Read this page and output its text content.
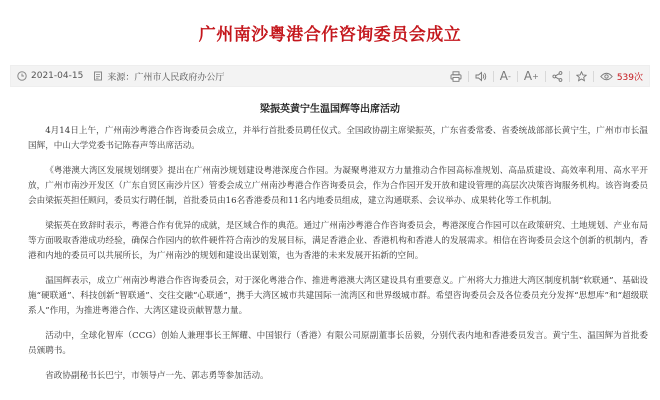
广州南沙粤港合作咨询委员会成立
2021-04-15	来源：广州市人民政府办公厅	A - A +	539次
梁振英黄宁生温国辉等出席活动

4月14日上午，广州南沙粤港合作咨询委员会成立，并举行首批委员聘任仪式。全国政协副主席梁振英，广东省委常委、省委统战部部长黄宁生，广州市市长温国辉，中山大学党委书记陈春声等出席活动。

《粤港澳大湾区发展规划纲要》提出在广州南沙规划建设粤港深度合作园。为凝聚粤港双方力量推动合作园高标准规划、高品质建设、高效率利用、高水平开放，广州市南沙开发区（广东自贸区南沙片区）管委会成立广州南沙粤港合作咨询委员会，作为合作园开发开放和建设管理的高层次决策咨询服务机构。该咨询委员会由梁振英担任顾问，委员实行聘任制，首批委员由16名香港委员和11名内地委员组成，建立沟通联系、会议举办、成果转化等工作机制。

梁振英在致辞时表示，粤港合作有优异的成就，是区域合作的典范。通过广州南沙粤港合作咨询委员会，粤港深度合作园可以在政策研究、土地规划、产业布局等方面吸取香港成功经验，确保合作园内的软件硬件符合南沙的发展目标，满足香港企业、香港机构和香港人的发展需求。相信在咨询委员会这个创新的机制内，香港和内地的委员可以共展所长，为广州南沙的规划和建设出谋划策，也为香港的未来发展开拓新的空间。

温国辉表示，成立广州南沙粤港合作咨询委员会，对于深化粤港合作、推进粤港澳大湾区建设具有重要意义。广州将大力推进大湾区制度机制“软联通”、基础设施“硬联通”、科技创新“智联通”、交往交融“心联通”，携手大湾区城市共建国际一流湾区和世界级城市群。希望咨询委员会及各位委员充分发挥“思想库”和“超级联系人”作用，为推进粤港合作、大湾区建设贡献智慧力量。

活动中，全球化智库（CCG）创始人兼理事长王辉耀、中国银行（香港）有限公司原副董事长岳毅，分别代表内地和香港委员发言。黄宁生、温国辉为首批委员颁聘书。

省政协副秘书长巴宁，市领导卢一先、郭志勇等参加活动。
